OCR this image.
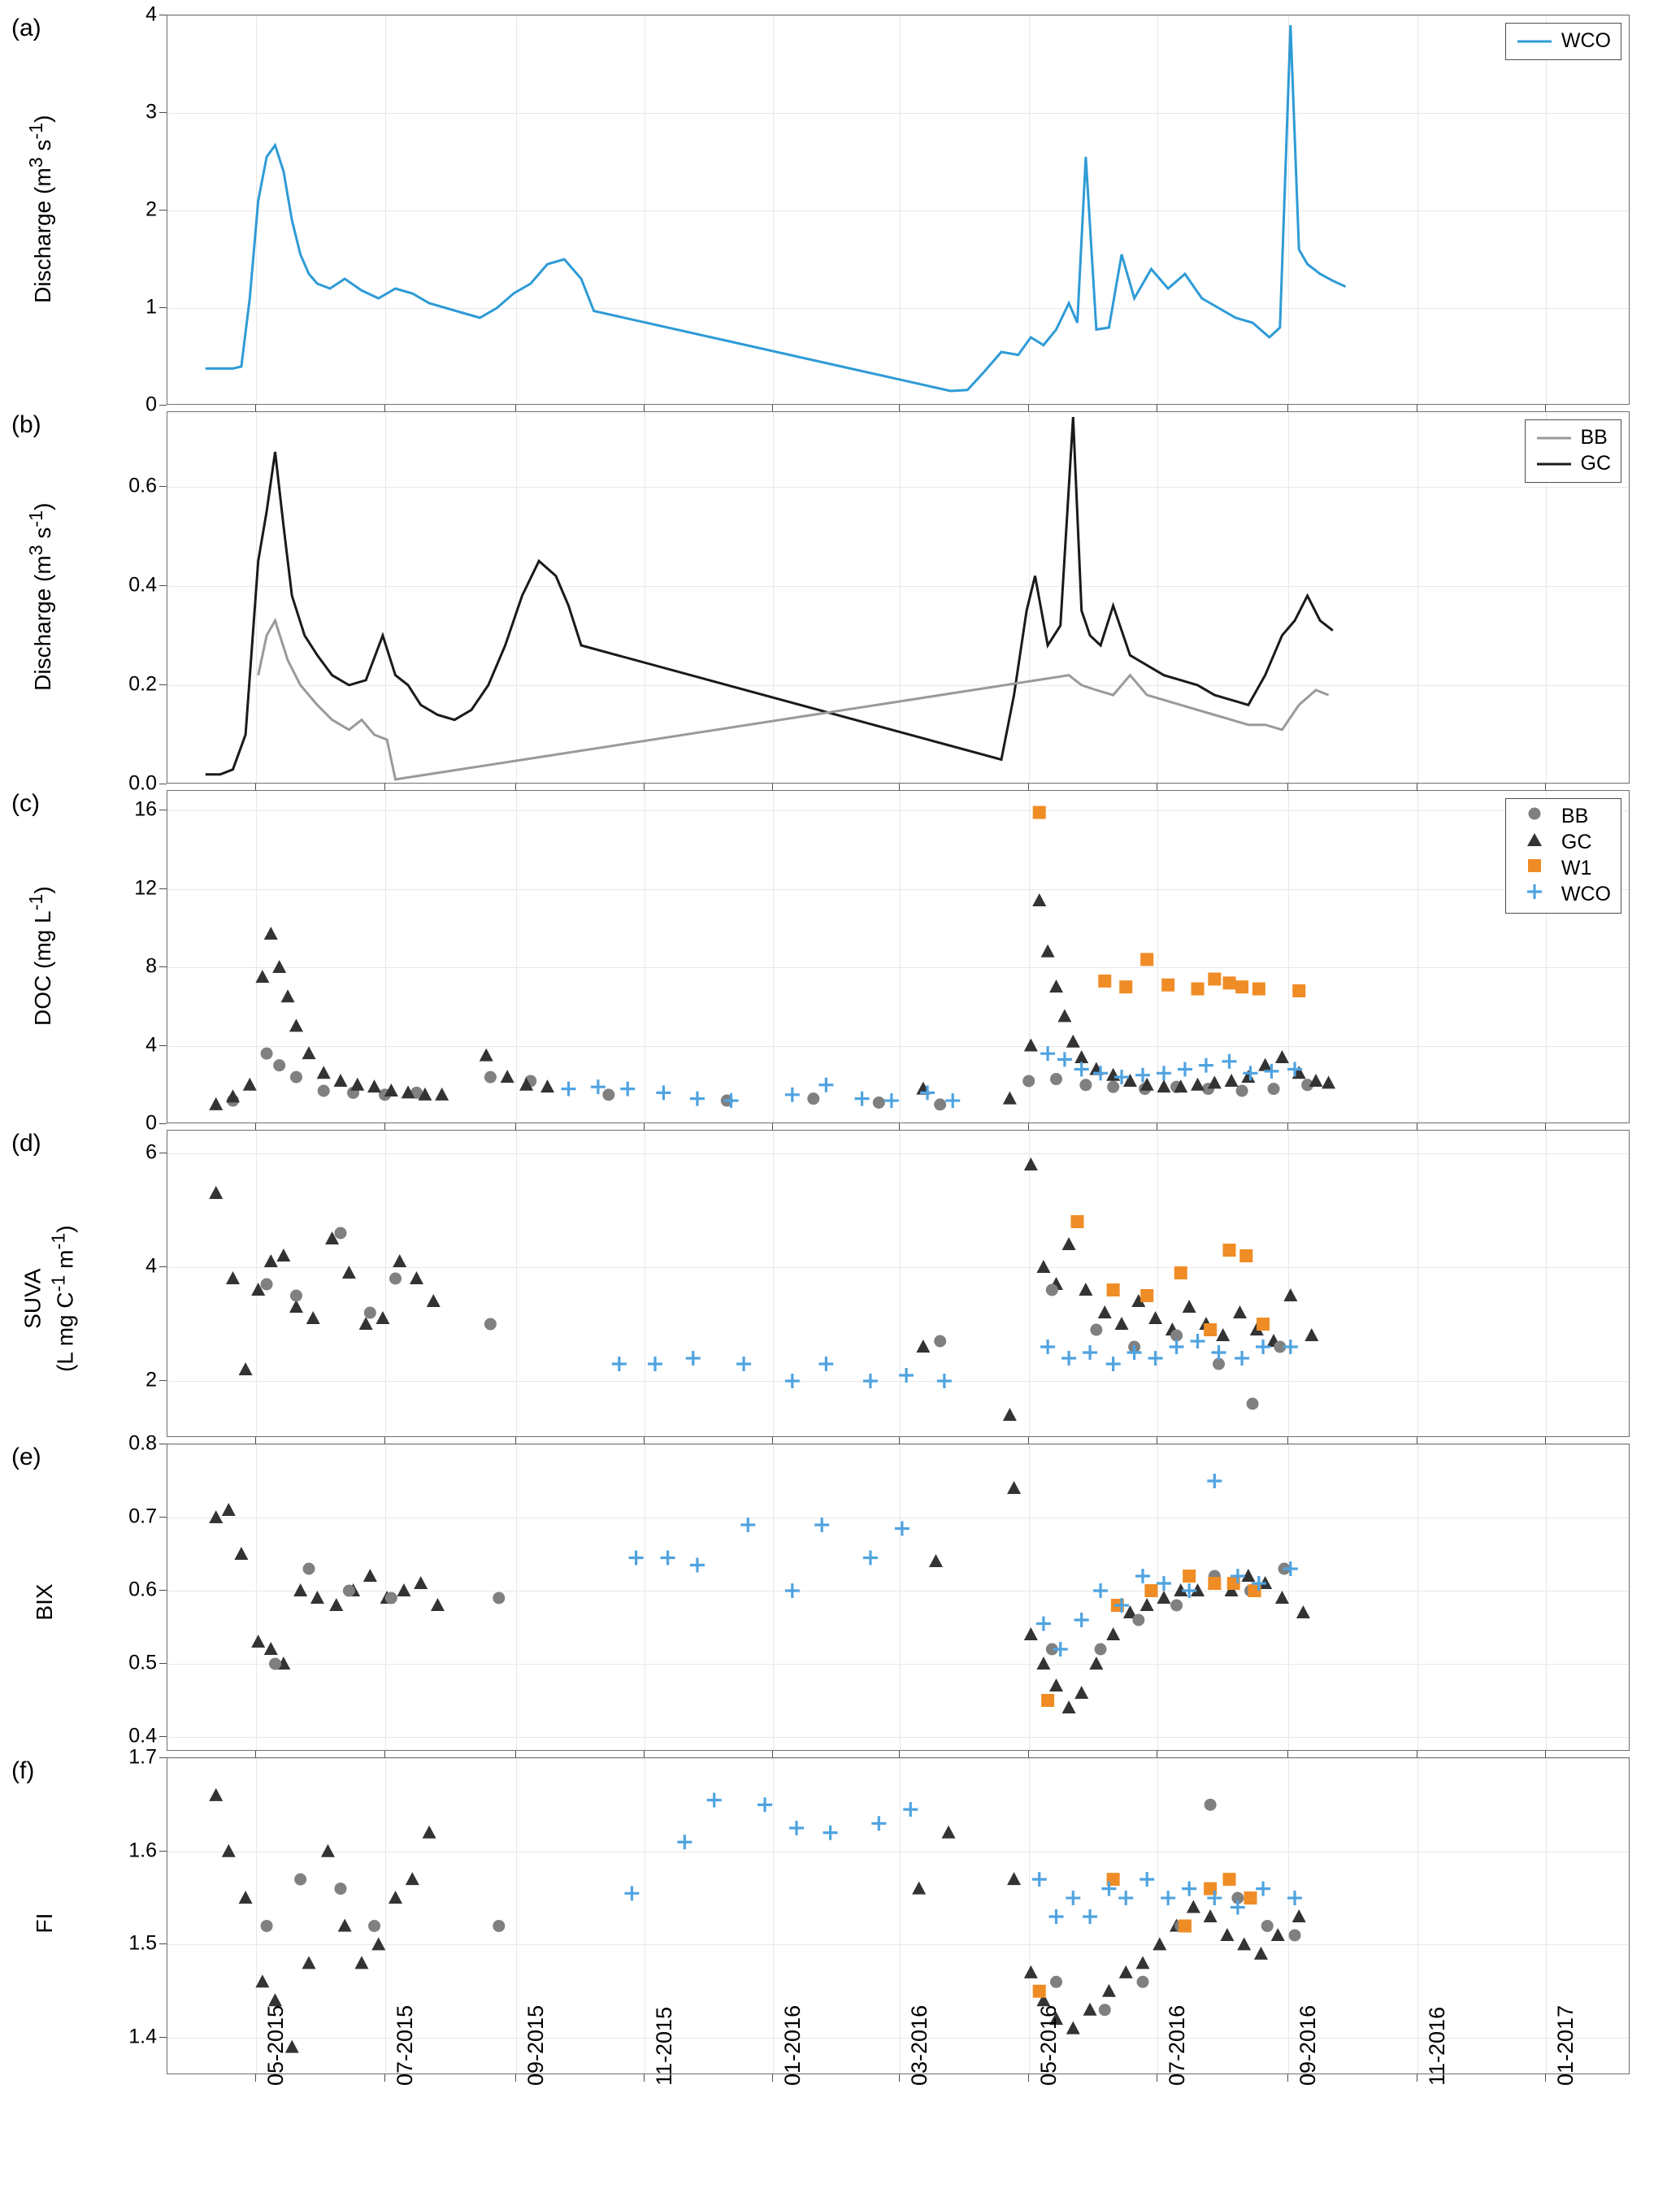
0
1
2
3
4
WCO
(a)
Discharge ($m^3$ $s^{-1}$)
0.0
0.2
0.4
0.6
BB
GC
(b)
Discharge ($m^3$ $s^{-1}$)
0
4
8
12
16	BB
GC
W1
WCO
(c)
DOC (mg $L^{-1}$)
2
4
6
(d)
SUVA (L mg $C^{-1}$ $m^{-1}$)
0.4
0.5
0.6
0.7
0.8
(e)
BIX
1.4
1.5
1.6
1.7
(f)
FI
05-2015	07-2015	09-2015	11-2015	01-2016	03-2016	05-2016	07-2016	09-2016	11-2016	01-2017
